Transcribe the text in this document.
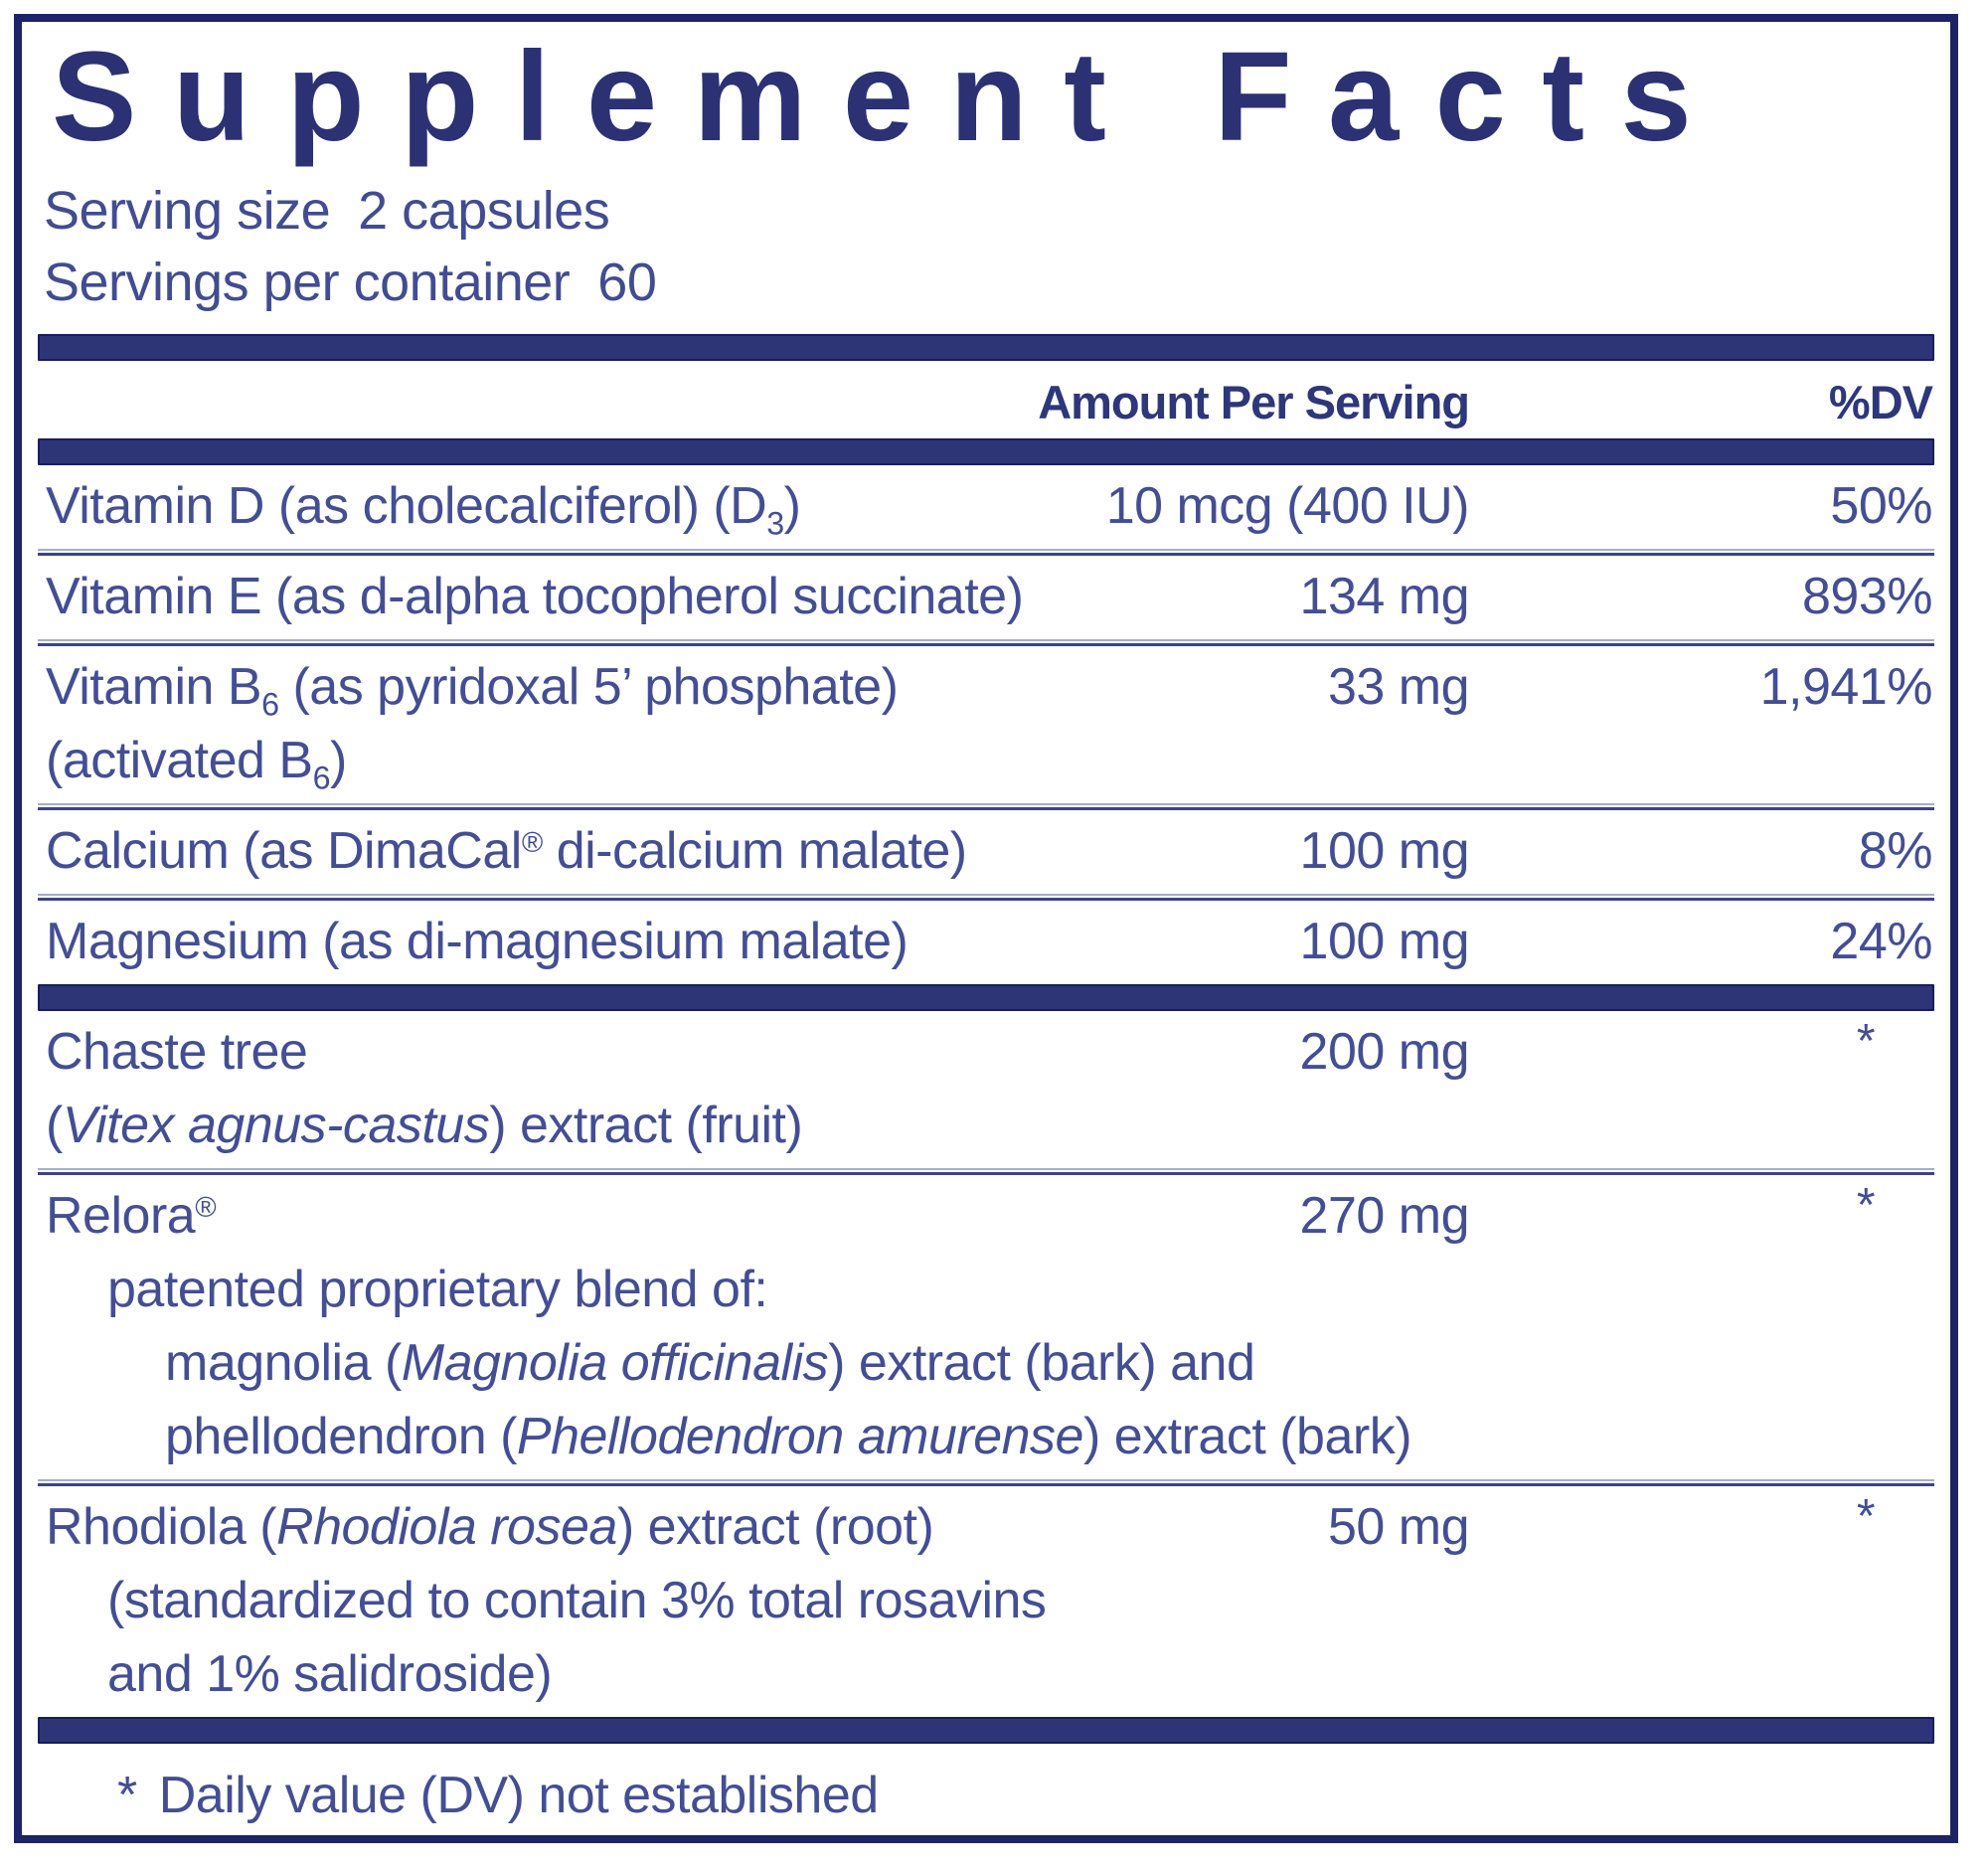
Supplement Facts
Serving size 2 capsules
Servings per container 60
Amount Per Serving	%DV
Vitamin D (as cholecalciferol) $(D_3)$	10 mcg (400 IU)	50%
Vitamin E (as d-alpha tocopherol succinate)	134 mg	893%
Vitamin $B_6$ (as pyridoxal 5’ phosphate)
(activated $B_6$)
33 mg	1,941%
Calcium (as DimaCal® di-calcium malate)	100 mg	8%
Magnesium (as di-magnesium malate)	100 mg	24%
Chaste tree
(Vitex agnus-castus) extract (fruit)
200 mg	*
Relora®
patented proprietary blend of:
magnolia (Magnolia officinalis) extract (bark) and
phellodendron (Phellodendron amurense) extract (bark)
270 mg	*
Rhodiola (Rhodiola rosea) extract (root)
(standardized to contain 3% total rosavins
and 1% salidroside)
50 mg	*
* Daily value (DV) not established
